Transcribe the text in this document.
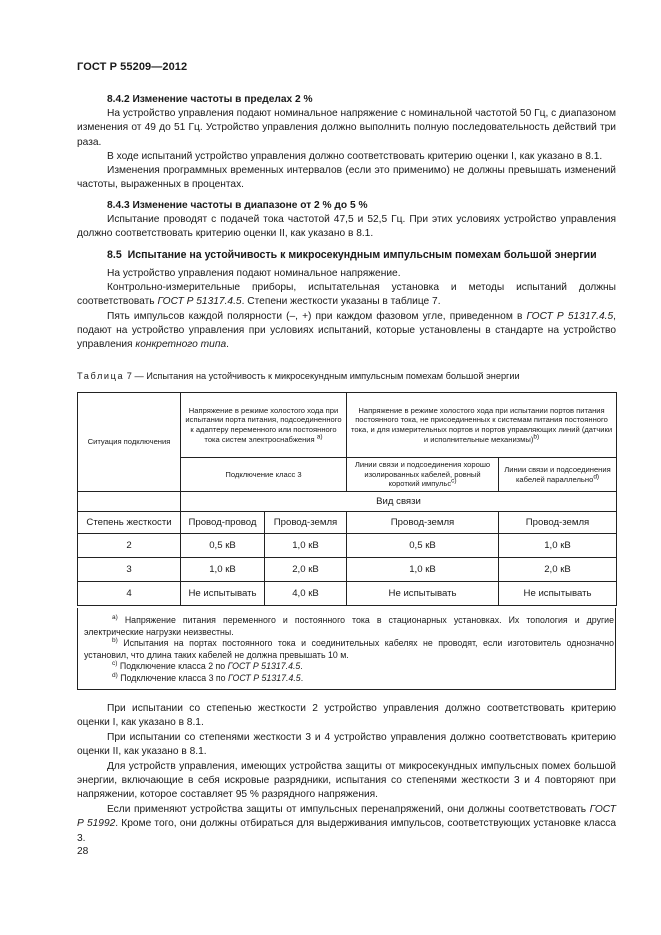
ГОСТ Р 55209—2012
8.4.2 Изменение частоты в пределах 2 %
На устройство управления подают номинальное напряжение с номинальной частотой 50 Гц, с диапазоном изменения от 49 до 51 Гц. Устройство управления должно выполнить полную последовательность действий три раза.
В ходе испытаний устройство управления должно соответствовать критерию оценки I, как указано в 8.1.
Изменения программных временных интервалов (если это применимо) не должны превышать изменений частоты, выраженных в процентах.
8.4.3 Изменение частоты в диапазоне от 2 % до 5 %
Испытание проводят с подачей тока частотой 47,5 и 52,5 Гц. При этих условиях устройство управления должно соответствовать критерию оценки II, как указано в 8.1.
8.5 Испытание на устойчивость к микросекундным импульсным помехам большой энергии
На устройство управления подают номинальное напряжение.
Контрольно-измерительные приборы, испытательная установка и методы испытаний должны соответствовать ГОСТ Р 51317.4.5. Степени жесткости указаны в таблице 7.
Пять импульсов каждой полярности (–, +) при каждом фазовом угле, приведенном в ГОСТ Р 51317.4.5, подают на устройство управления при условиях испытаний, которые установлены в стандарте на устройство управления конкретного типа.
Таблица 7 — Испытания на устойчивость к микросекундным импульсным помехам большой энергии
Ситуация подключения	Напряжение в режиме холостого хода при испытании порта питания, подсоединенного к адаптеру переменного или постоянного тока систем электроснабжения $^{a)}$		Напряжение в режиме холостого хода при испытании портов питания постоянного тока, не присоединенных к системам питания постоянного тока, и для измерительных портов и портов управляющих линий (датчики и исполнительные механизмы)$^{b)}$
	Подключение класс 3		Линии связи и подсоединения хорошо изолированных кабелей, ровный короткий импульс$^{c)}$	Линии связи и подсоединения кабелей параллельно$^{d)}$
	Вид связи			
Степень жесткости	Провод-провод	Провод-земля	Провод-земля	Провод-земля
2	0,5 кВ	1,0 кВ	0,5 кВ	1,0 кВ
3	1,0 кВ	2,0 кВ	1,0 кВ	2,0 кВ
4	Не испытывать	4,0 кВ	Не испытывать	Не испытывать
$^{a)}$ Напряжение питания переменного и постоянного тока в стационарных установках. Их топология и другие электрические нагрузки неизвестны.
$^{b)}$ Испытания на портах постоянного тока и соединительных кабелях не проводят, если изготовитель однозначно установил, что длина таких кабелей не должна превышать 10 м.
$^{c)}$ Подключение класса 2 по ГОСТ Р 51317.4.5.
$^{d)}$ Подключение класса 3 по ГОСТ Р 51317.4.5.
При испытании со степенью жесткости 2 устройство управления должно соответствовать критерию оценки I, как указано в 8.1.
При испытании со степенями жесткости 3 и 4 устройство управления должно соответствовать критерию оценки II, как указано в 8.1.
Для устройств управления, имеющих устройства защиты от микросекундных импульсных помех большой энергии, включающие в себя искровые разрядники, испытания со степенями жесткости 3 и 4 повторяют при напряжении, которое составляет 95 % разрядного напряжения.
Если применяют устройства защиты от импульсных перенапряжений, они должны соответствовать ГОСТ Р 51992. Кроме того, они должны отбираться для выдерживания импульсов, соответствующих установке класса 3.
28
